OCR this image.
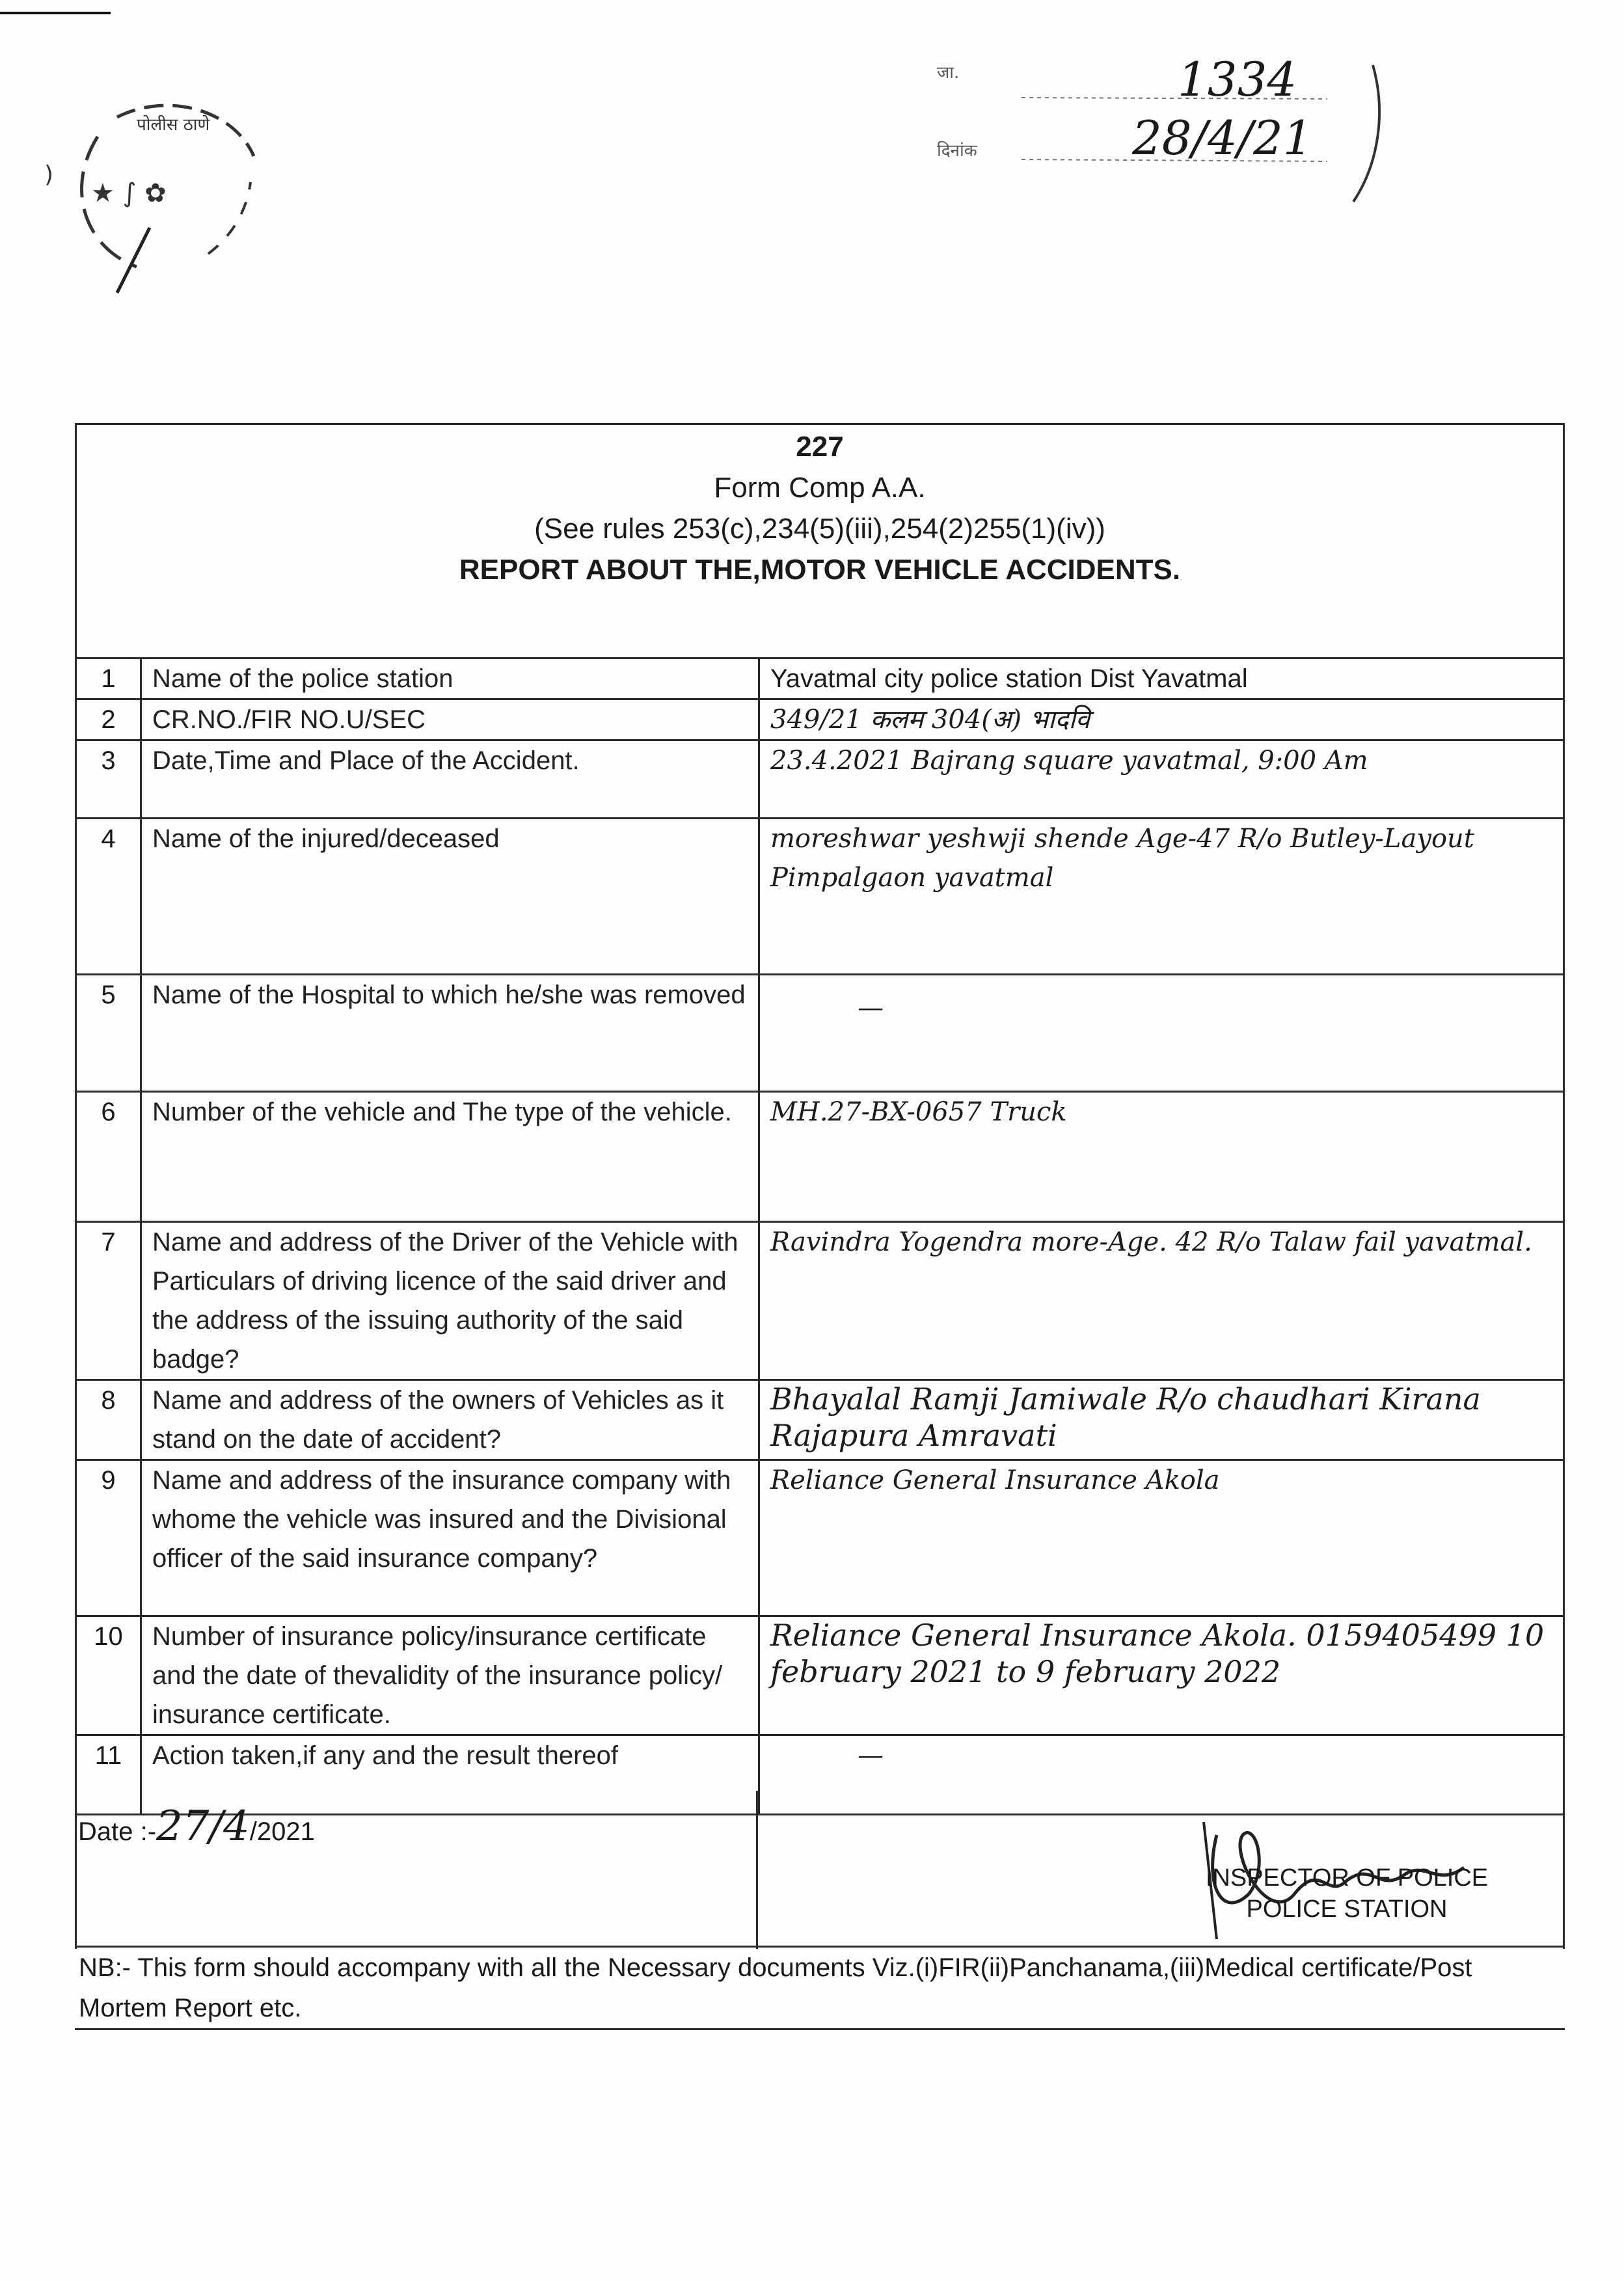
पोलीस ठाणे
)
★ ∫ ✿
जा.
दिनांक
1334
28/4/21
227
Form Comp A.A.
(See rules 253(c),234(5)(iii),254(2)255(1)(iv))
REPORT ABOUT THE,MOTOR VEHICLE ACCIDENTS.
1	Name of the police station	Yavatmal city police station Dist Yavatmal
2	CR.NO./FIR NO.U/SEC	349/21 कलम 304(अ) भादवि
3	Date,Time and Place of the Accident.	23.4.2021 Bajrang square yavatmal, 9:00 Am
4	Name of the injured/deceased	moreshwar yeshwji shende Age-47 R/o Butley-Layout Pimpalgaon yavatmal
5	Name of the Hospital to which he/she was removed	—
6	Number of the vehicle and The type of the vehicle.	MH.27-BX-0657 Truck
7	Name and address of the Driver of the Vehicle with Particulars of driving licence of the said driver and the address of the issuing authority of the said badge?	Ravindra Yogendra more-Age. 42 R/o Talaw fail yavatmal.
8	Name and address of the owners of Vehicles as it stand on the date of accident?	Bhayalal Ramji Jamiwale R/o chaudhari Kirana Rajapura Amravati
9	Name and address of the insurance company with whome the vehicle was insured and the Divisional officer of the said insurance company?	Reliance General Insurance Akola
10	Number of insurance policy/insurance certificate and the date of thevalidity of the insurance policy/ insurance certificate.	Reliance General Insurance Akola. 0159405499 10 february 2021 to 9 february 2022
11	Action taken,if any and the result thereof	—
Date :-27/4/2021
INSPECTOR OF POLICE
POLICE STATION
NB:- This form should accompany with all the Necessary documents Viz.(i)FIR(ii)Panchanama,(iii)Medical certificate/Post Mortem Report etc.
